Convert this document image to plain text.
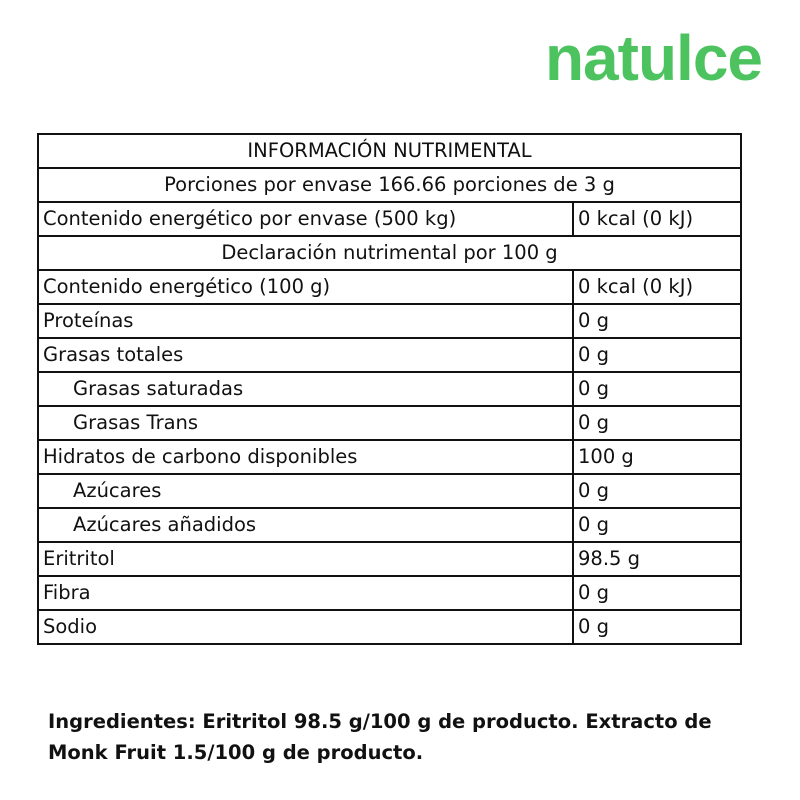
natulce
INFORMACIÓN NUTRIMENTAL	
Porciones por envase 166.66 porciones de 3 g	
Contenido energético por envase (500 kg)	0 kcal (0 kJ)
Declaración nutrimental por 100 g	
Contenido energético (100 g)	0 kcal (0 kJ)
Proteínas	0 g
Grasas totales	0 g
Grasas saturadas	0 g
Grasas Trans	0 g
Hidratos de carbono disponibles	100 g
Azúcares	0 g
Azúcares añadidos	0 g
Eritritol	98.5 g
Fibra	0 g
Sodio	0 g
Ingredientes: Eritritol 98.5 g/100 g de producto. Extracto de
Monk Fruit 1.5/100 g de producto.
